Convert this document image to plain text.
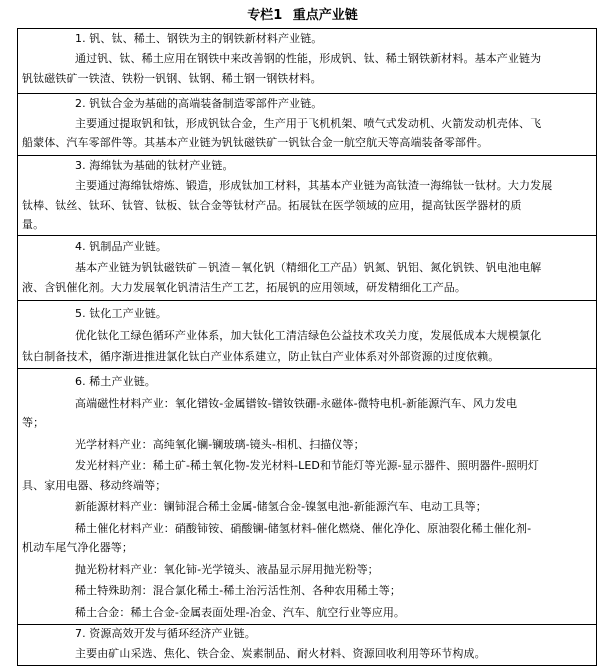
专栏1 重点产业链
1. 钒、钛、稀土、钢铁为主的钢铁新材料产业链。
通过钒、钛、稀土应用在钢铁中来改善钢的性能，形成钒、钛、稀土钢铁新材料。基本产业链为
钒钛磁铁矿一铁渣、铁粉一钒钢、钛钢、稀土钢一钢铁材料。
2. 钒钛合金为基础的高端装备制造零部件产业链。
主要通过提取钒和钛，形成钒钛合金，生产用于飞机机架、喷气式发动机、火箭发动机壳体、飞
船蒙体、汽车零部件等。其基本产业链为钒钛磁铁矿一钒钛合金一航空航天等高端装备零部件。
3. 海绵钛为基础的钛材产业链。
主要通过海绵钛熔炼、锻造，形成钛加工材料，其基本产业链为高钛渣一海绵钛一钛材。大力发展
钛棒、钛丝、钛环、钛管、钛板、钛合金等钛材产品。拓展钛在医学领域的应用，提高钛医学器材的质
量。
4. 钒制品产业链。
基本产业链为钒钛磁铁矿－钒渣－氧化钒（精细化工产品）钒氮、钒铝、氮化钒铁、钒电池电解
液、含钒催化剂。大力发展氧化钒清洁生产工艺，拓展钒的应用领域，研发精细化工产品。
5. 钛化工产业链。
优化钛化工绿色循环产业体系，加大钛化工清洁绿色公益技术攻关力度，发展低成本大规模氯化
钛白制备技术，循序渐进推进氯化钛白产业体系建立，防止钛白产业体系对外部资源的过度依赖。
6. 稀土产业链。
高端磁性材料产业：氧化镨钕-金属镨钕-镨钕铁硼-永磁体-微特电机-新能源汽车、风力发电
等；
光学材料产业：高纯氧化镧-镧玻璃-镜头-相机、扫描仪等；
发光材料产业：稀土矿-稀土氧化物-发光材料-LED和节能灯等光源-显示器件、照明器件-照明灯
具、家用电器、移动终端等；
新能源材料产业：镧铈混合稀土金属-储氢合金-镍氢电池-新能源汽车、电动工具等；
稀土催化材料产业：硝酸铈铵、硝酸镧-储氢材料-催化燃烧、催化净化、原油裂化稀土催化剂-
机动车尾气净化器等；
抛光粉材料产业：氧化铈-光学镜头、液晶显示屏用抛光粉等；
稀土特殊助剂：混合氯化稀土-稀土治污活性剂、各种农用稀土等；
稀土合金：稀土合金-金属表面处理-冶金、汽车、航空行业等应用。
7. 资源高效开发与循环经济产业链。
主要由矿山采选、焦化、铁合金、炭素制品、耐火材料、资源回收利用等环节构成。
